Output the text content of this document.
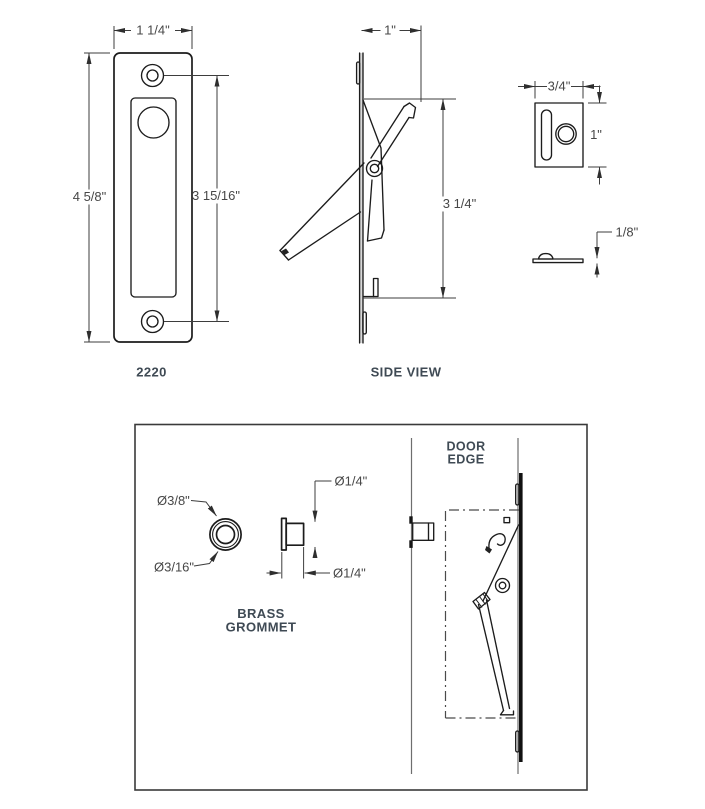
1 1/4"
4 5/8"	3 15/16"
2220
1"
3 1/4"
SIDE VIEW
3/4"
1"
1/8"
DOOR
EDGE
Ø3/8"
Ø3/16"
Ø1/4"
Ø1/4"
BRASS
GROMMET
